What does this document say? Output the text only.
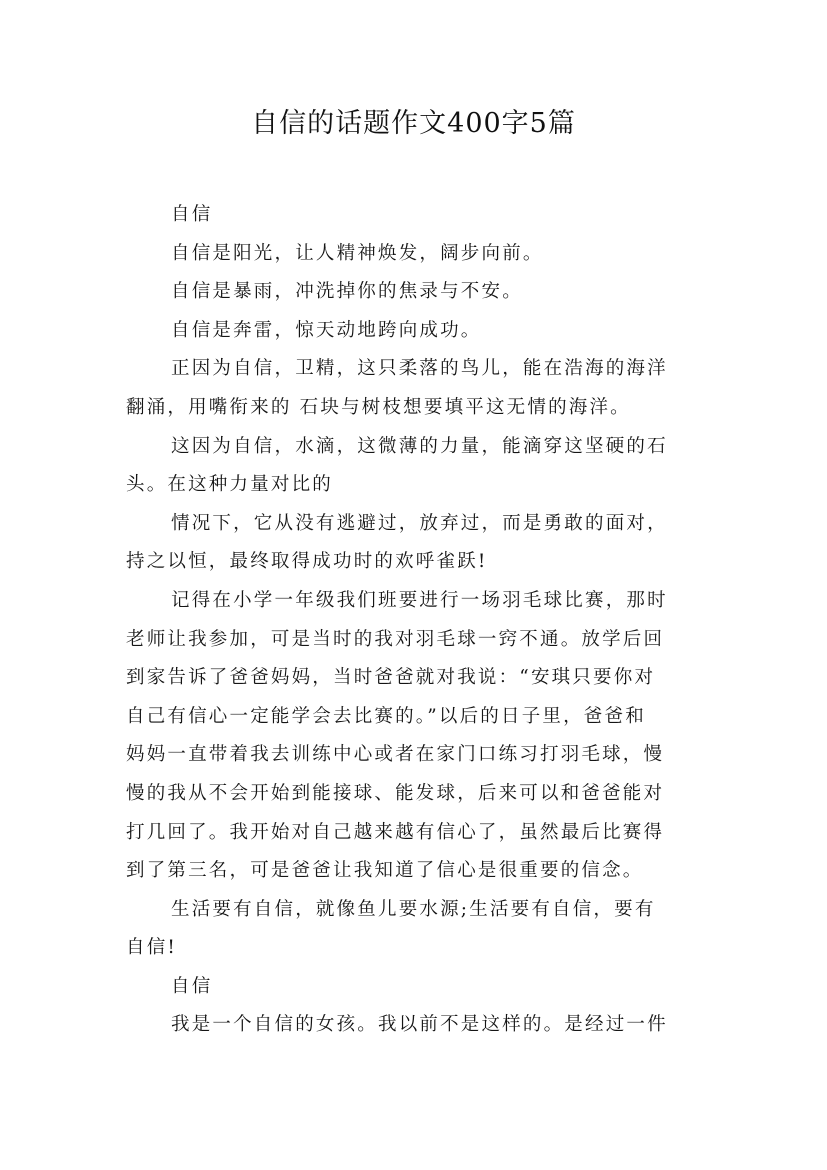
自信的话题作文400字5篇

自信

自信是阳光，让人精神焕发，阔步向前。

自信是暴雨，冲洗掉你的焦录与不安。

自信是奔雷，惊天动地跨向成功。

正因为自信，卫精，这只柔落的鸟儿，能在浩海的海洋

翻涌，用嘴衔来的 石块与树枝想要填平这无情的海洋。

这因为自信，水滴，这微薄的力量，能滴穿这坚硬的石

头。在这种力量对比的

情况下，它从没有逃避过，放弃过，而是勇敢的面对，

持之以恒，最终取得成功时的欢呼雀跃!

记得在小学一年级我们班要进行一场羽毛球比赛，那时

老师让我参加，可是当时的我对羽毛球一窍不通。放学后回

到家告诉了爸爸妈妈，当时爸爸就对我说：“安琪只要你对

自己有信心一定能学会去比赛的。”以后的日子里，爸爸和

妈妈一直带着我去训练中心或者在家门口练习打羽毛球，慢

慢的我从不会开始到能接球、能发球，后来可以和爸爸能对

打几回了。我开始对自己越来越有信心了，虽然最后比赛得

到了第三名，可是爸爸让我知道了信心是很重要的信念。

生活要有自信，就像鱼儿要水源;生活要有自信，要有

自信!

自信

我是一个自信的女孩。我以前不是这样的。是经过一件
